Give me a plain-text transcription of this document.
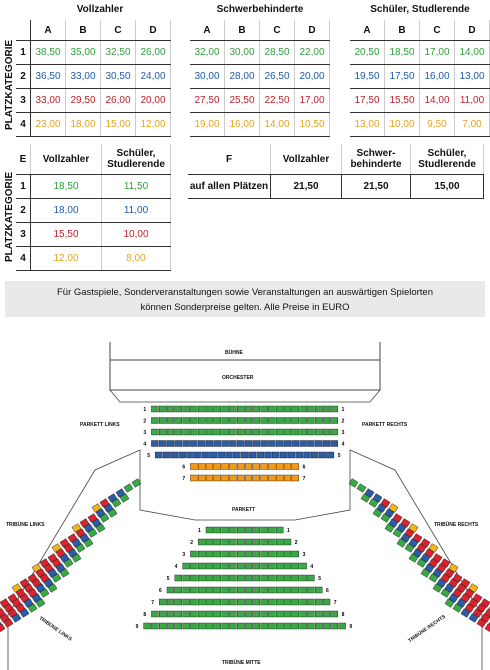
PLATZKATEGORIE
Vollzahler
	A	B	C	D
1	38,50	35,00	32,50	26,00
2	36,50	33,00	30,50	24,00
3	33,00	29,50	26,00	20,00
4	23,00	18,00	15,00	12,00
Schwerbehinderte
A	B	C	D
32,00	30,00	28,50	22,00
30,00	28,00	26,50	20,00
27,50	25,50	22,50	17,00
19,00	16,00	14,00	10,50
Schüler, Studlerende
A	B	C	D
20,50	18,50	17,00	14,00
19,50	17,50	16,00	13,00
17,50	15,50	14,00	11,00
13,00	10,00	9,50	7,00
PLATZKATEGORIE
E	Vollzahler	Schüler,
Studlerende
1	18,50	11,50
2	18,00	11,00
3	15,50	10,00
4	12,00	8,00
F	Vollzahler	Schwer-
behinderte	Schüler,
Studlerende
auf allen Plätzen	21,50	21,50	15,00
Für Gastspiele, Sonderveranstaltungen sowie Veranstaltungen an auswärtigen Spielorten
können Sonderpreise gelten. Alle Preise in EURO
1	1
2	2
3	3
4	4
5	5
6	6
7	7
1	1
2	2
3	3
4	4
5	5
6	6
7	7
8	8
9	9
BÜHNE
ORCHESTER
PARKETT LINKS	PARKETT RECHTS
PARKETT
TRIBÜNE LINKS	TRIBÜNE RECHTS
TRIBÜNE LINKS	TRIBÜNE RECHTS
TRIBÜNE MITTE
